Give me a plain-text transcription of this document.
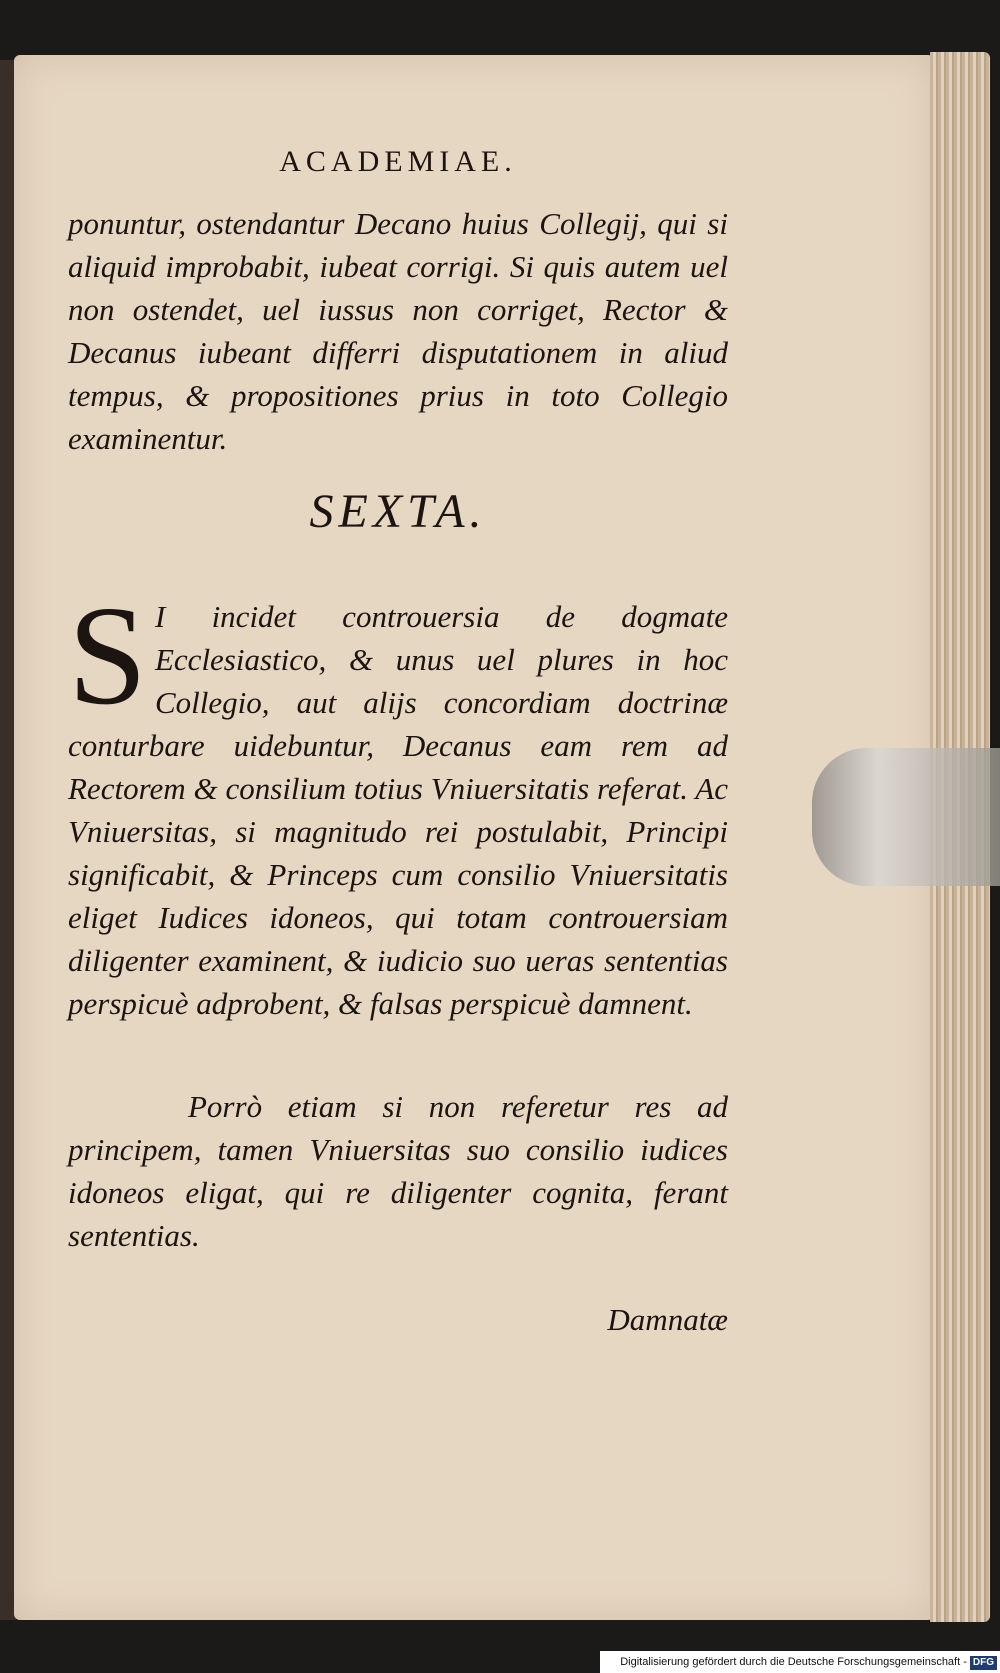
ACADEMIAE.
ponuntur, ostendantur Decano huius Collegij, qui si aliquid improbabit, iubeat corrigi. Si quis autem uel non ostendet, uel iussus non corriget, Rector & Decanus iubeant differri disputationem in aliud tempus, & propositiones prius in toto Collegio examinentur.
SEXTA.
S I incidet controuersia de dogmate Ecclesiastico, & unus uel plures in hoc Collegio, aut alijs concordiam doctrinæ conturbare uidebuntur, Decanus eam rem ad Rectorem & consilium totius Vniuersitatis referat. Ac Vniuersitas, si magnitudo rei postulabit, Principi significabit, & Princeps cum consilio Vniuersitatis eliget Iudices idoneos, qui totam controuersiam diligenter examinent, & iudicio suo ueras sententias perspicuè adprobent, & falsas perspicuè damnent.
Porrò etiam si non referetur res ad principem, tamen Vniuersitas suo consilio iudices idoneos eligat, qui re diligenter cognita, ferant sententias.
Damnatæ
Digitalisierung gefördert durch die Deutsche Forschungsgemeinschaft - DFG
